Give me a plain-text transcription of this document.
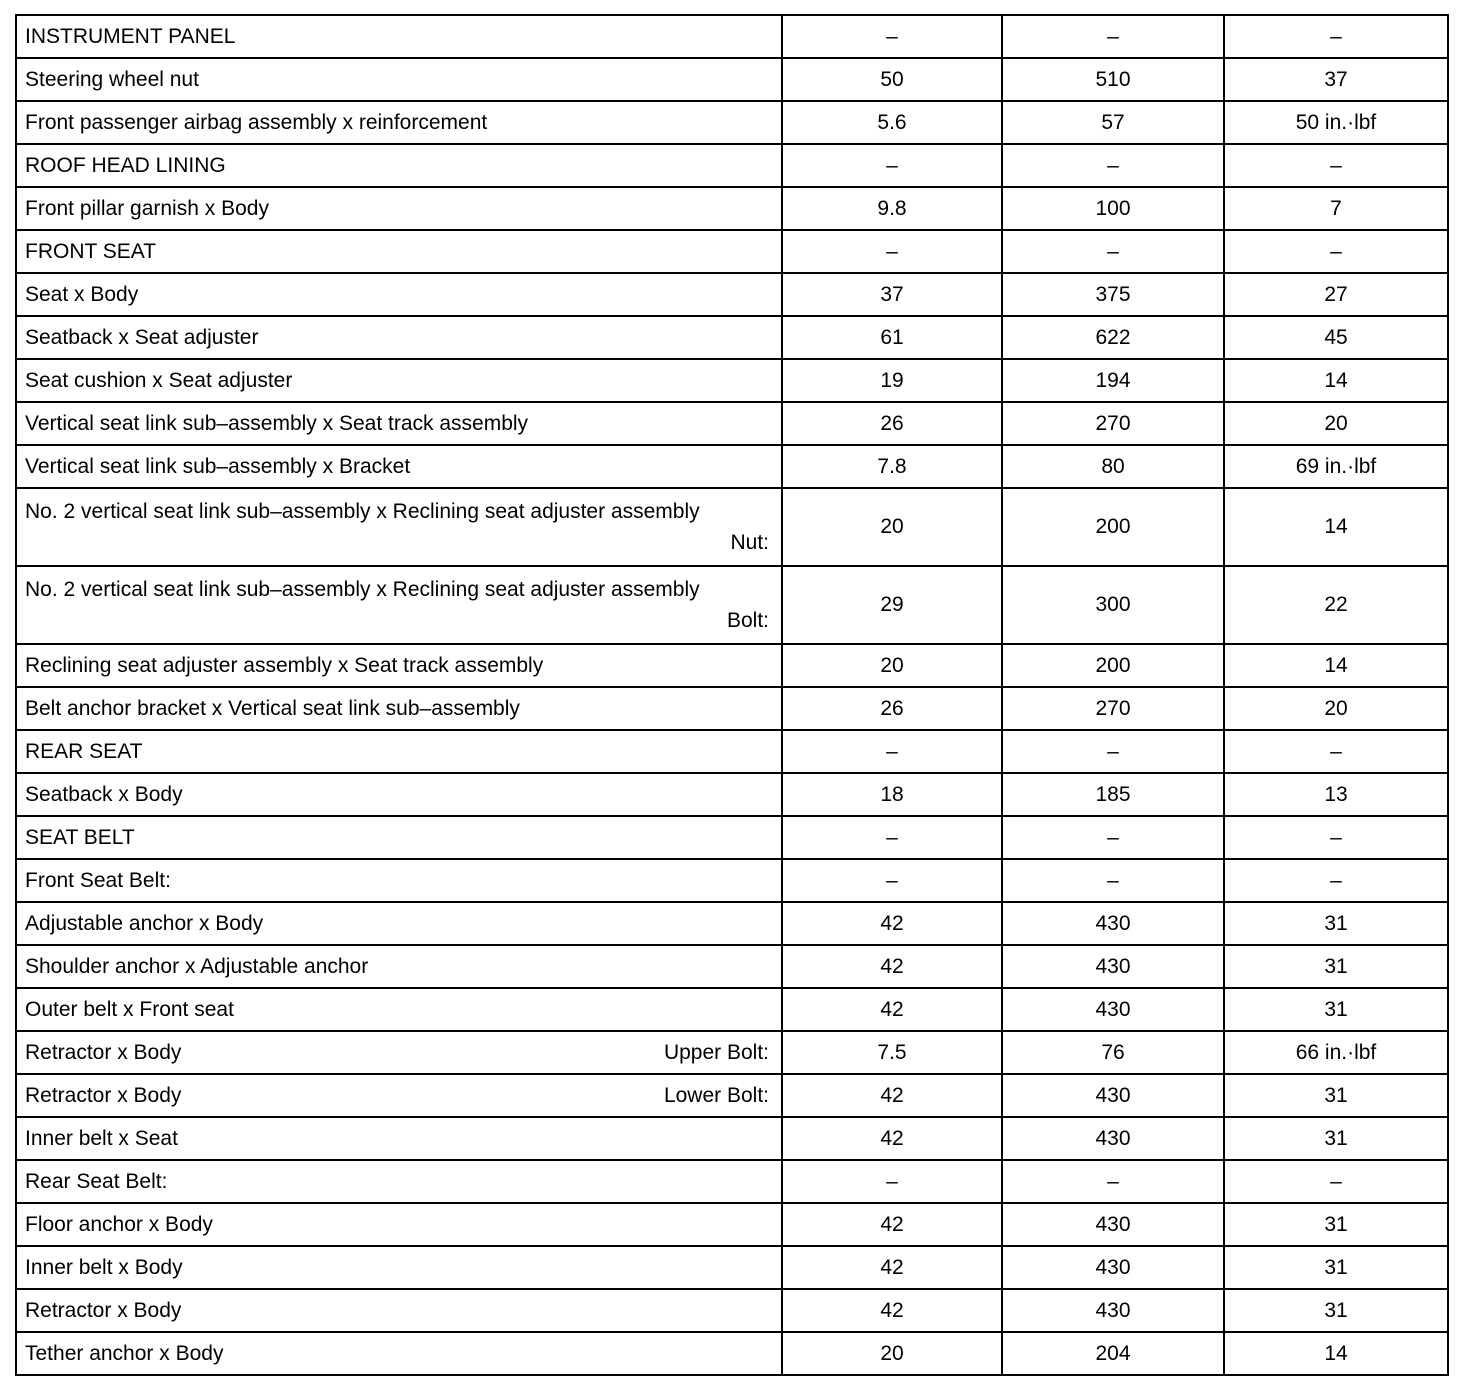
INSTRUMENT PANEL	–	–	–
Steering wheel nut	50	510	37
Front passenger airbag assembly x reinforcement	5.6	57	50 in.·lbf
ROOF HEAD LINING	–	–	–
Front pillar garnish x Body	9.8	100	7
FRONT SEAT	–	–	–
Seat x Body	37	375	27
Seatback x Seat adjuster	61	622	45
Seat cushion x Seat adjuster	19	194	14
Vertical seat link sub–assembly x Seat track assembly	26	270	20
Vertical seat link sub–assembly x Bracket	7.8	80	69 in.·lbf

No. 2 vertical seat link sub–assembly x Reclining seat adjuster assembly
Nut:	20	200	14

No. 2 vertical seat link sub–assembly x Reclining seat adjuster assembly
Bolt:	29	300	22
Reclining seat adjuster assembly x Seat track assembly	20	200	14
Belt anchor bracket x Vertical seat link sub–assembly	26	270	20
REAR SEAT	–	–	–
Seatback x Body	18	185	13
SEAT BELT	–	–	–
Front Seat Belt:	–	–	–
Adjustable anchor x Body	42	430	31
Shoulder anchor x Adjustable anchor	42	430	31
Outer belt x Front seat	42	430	31

Retractor x Body Upper Bolt:	7.5	76	66 in.·lbf

Retractor x Body Lower Bolt:	42	430	31
Inner belt x Seat	42	430	31
Rear Seat Belt:	–	–	–
Floor anchor x Body	42	430	31
Inner belt x Body	42	430	31
Retractor x Body	42	430	31
Tether anchor x Body	20	204	14
